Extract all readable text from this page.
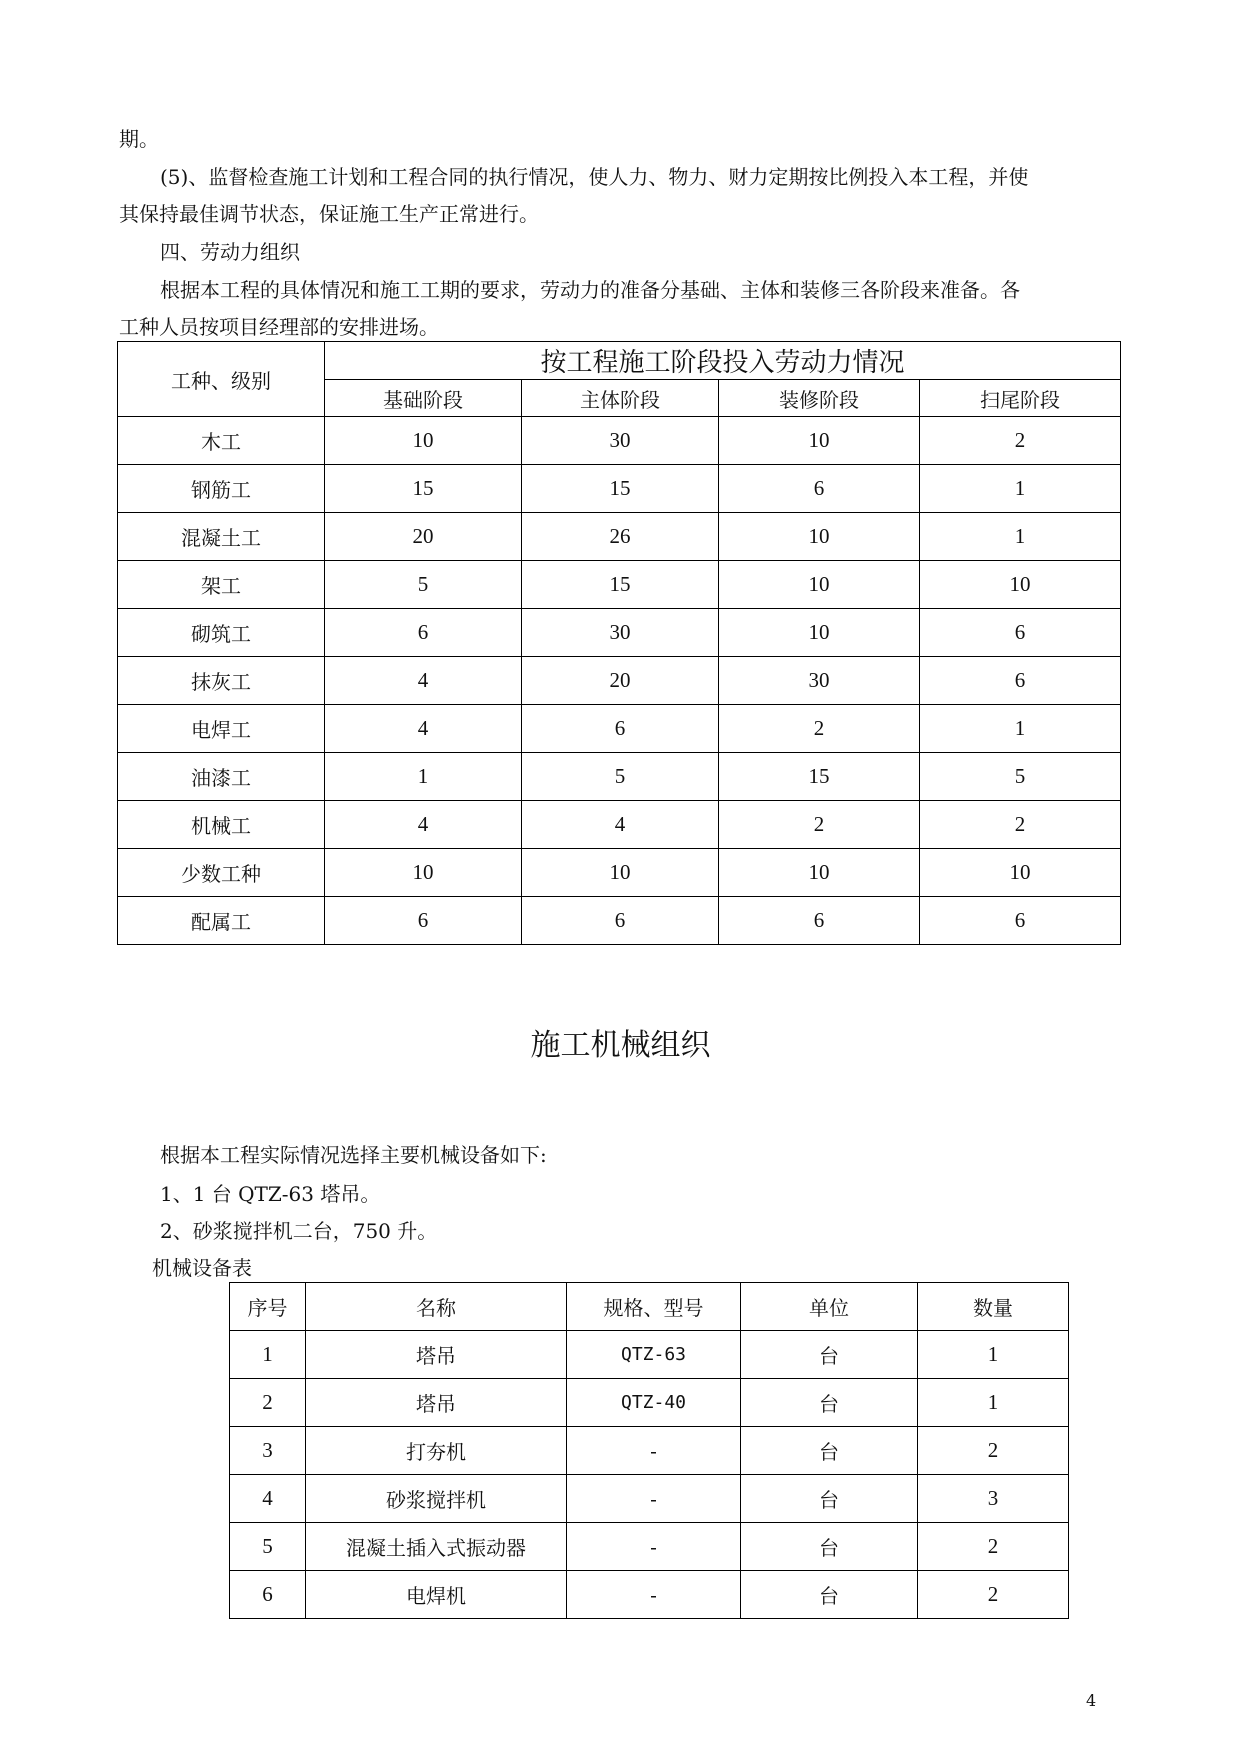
期。
(5)、监督检查施工计划和工程合同的执行情况，使人力、物力、财力定期按比例投入本工程，并使
其保持最佳调节状态，保证施工生产正常进行。
四、劳动力组织
根据本工程的具体情况和施工工期的要求，劳动力的准备分基础、主体和装修三各阶段来准备。各
工种人员按项目经理部的安排进场。
工种、级别	按工程施工阶段投入劳动力情况			
	基础阶段	主体阶段	装修阶段	扫尾阶段
木工	10	30	10	2
钢筋工	15	15	6	1
混凝土工	20	26	10	1
架工	5	15	10	10
砌筑工	6	30	10	6
抹灰工	4	20	30	6
电焊工	4	6	2	1
油漆工	1	5	15	5
机械工	4	4	2	2
少数工种	10	10	10	10
配属工	6	6	6	6
施工机械组织
根据本工程实际情况选择主要机械设备如下:
1、1 台 QTZ-63 塔吊。
2、砂浆搅拌机二台，750 升。
机械设备表
序号	名称	规格、型号	单位	数量
1	塔吊	QTZ-63	台	1
2	塔吊	QTZ-40	台	1
3	打夯机	-	台	2
4	砂浆搅拌机	-	台	3
5	混凝土插入式振动器	-	台	2
6	电焊机	-	台	2
4
